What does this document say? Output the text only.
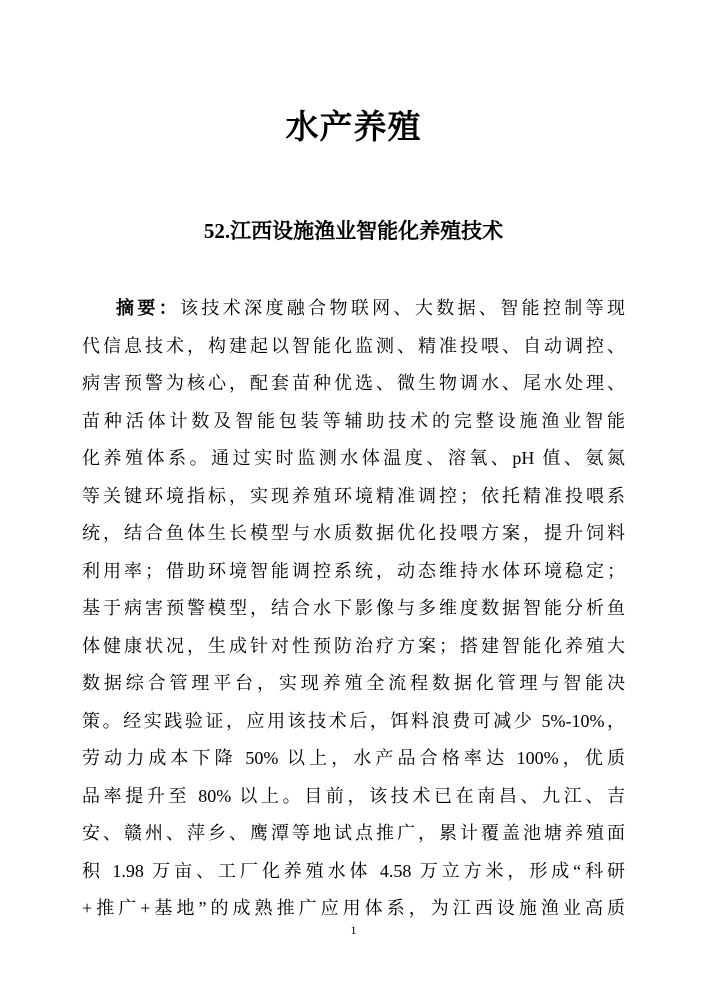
水产养殖
52.江西设施渔业智能化养殖技术
摘要：该技术深度融合物联网、大数据、智能控制等现
代信息技术，构建起以智能化监测、精准投喂、自动调控、
病害预警为核心，配套苗种优选、微生物调水、尾水处理、
苗种活体计数及智能包装等辅助技术的完整设施渔业智能
化养殖体系。通过实时监测水体温度、溶氧、pH 值、氨氮
等关键环境指标，实现养殖环境精准调控；依托精准投喂系
统，结合鱼体生长模型与水质数据优化投喂方案，提升饲料
利用率；借助环境智能调控系统，动态维持水体环境稳定；
基于病害预警模型，结合水下影像与多维度数据智能分析鱼
体健康状况，生成针对性预防治疗方案；搭建智能化养殖大
数据综合管理平台，实现养殖全流程数据化管理与智能决
策。经实践验证，应用该技术后，饵料浪费可减少 5%-10%，
劳动力成本下降 50% 以上，水产品合格率达 100%，优质
品率提升至 80% 以上。目前，该技术已在南昌、九江、吉
安、赣州、萍乡、鹰潭等地试点推广，累计覆盖池塘养殖面
积 1.98 万亩、工厂化养殖水体 4.58 万立方米，形成“科研
+推广+基地”的成熟推广应用体系，为江西设施渔业高质
1
